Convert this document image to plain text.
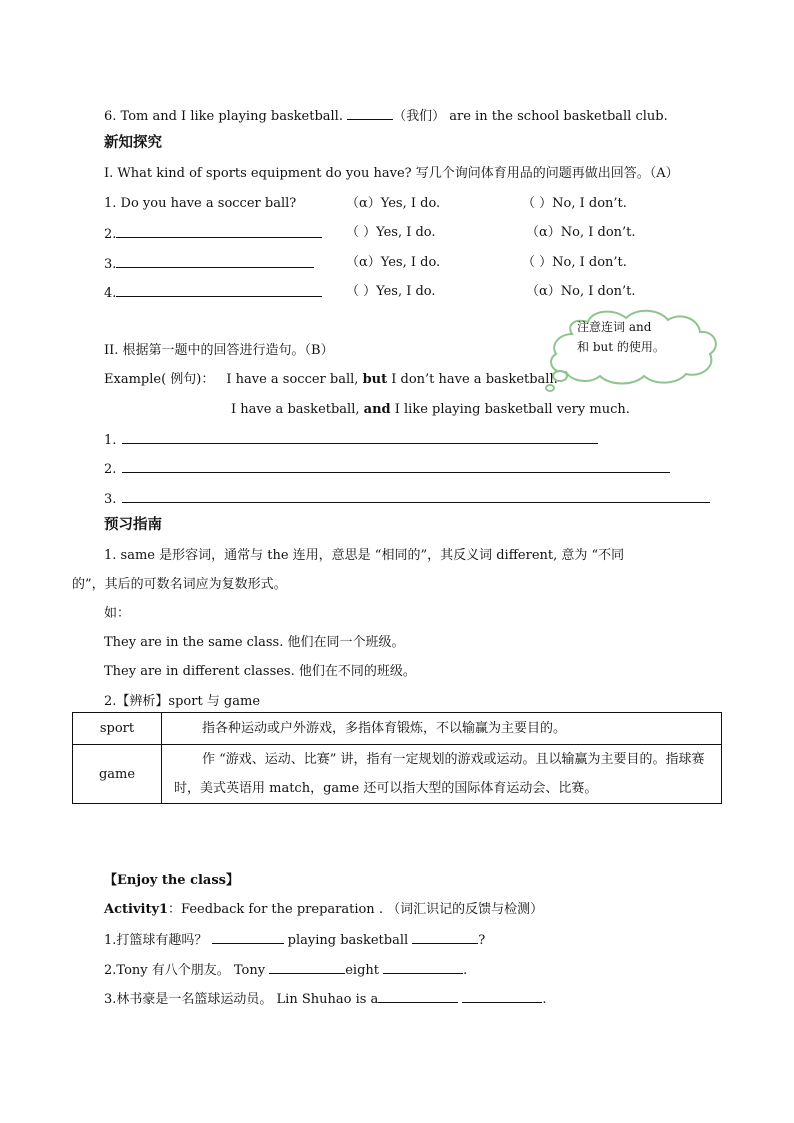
6. Tom and I like playing basketball.	（我们） are in the school basketball club.
新知探究
I. What kind of sports equipment do you have? 写几个询问体育用品的问题再做出回答。（A）
1. Do you have a soccer ball?	（α）Yes, I do.	（ ）No, I don’t.
2.	（ ）Yes, I do.	（α）No, I don’t.
3.	（α）Yes, I do.	（ ）No, I don’t.
4.	（ ）Yes, I do.	（α）No, I don’t.
注意连词 and
和 but 的使用。
II. 根据第一题中的回答进行造句。（B）
Example( 例句)： I have a soccer ball, but I don’t have a basketball.
I have a basketball, and I like playing basketball very much.
1.
2.
3.
预习指南
1. same 是形容词，通常与 the 连用，意思是 “相同的”，其反义词 different, 意为 “不同
的”，其后的可数名词应为复数形式。
如：
They are in the same class. 他们在同一个班级。
They are in different classes. 他们在不同的班级。
2.【辨析】sport 与 game
sport	指各种运动或户外游戏，多指体育锻炼，不以输赢为主要目的。
game	作 “游戏、运动、比赛” 讲，指有一定规划的游戏或运动。且以输赢为主要目的。指球赛时，美式英语用 match，game 还可以指大型的国际体育运动会、比赛。
【Enjoy the class】
Activity1：Feedback for the preparation . （词汇识记的反馈与检测）
1.打篮球有趣吗？	playing basketball	?
2.Tony 有八个朋友。 Tony	eight	.
3.林书豪是一名篮球运动员。 Lin Shuhao is a	.
